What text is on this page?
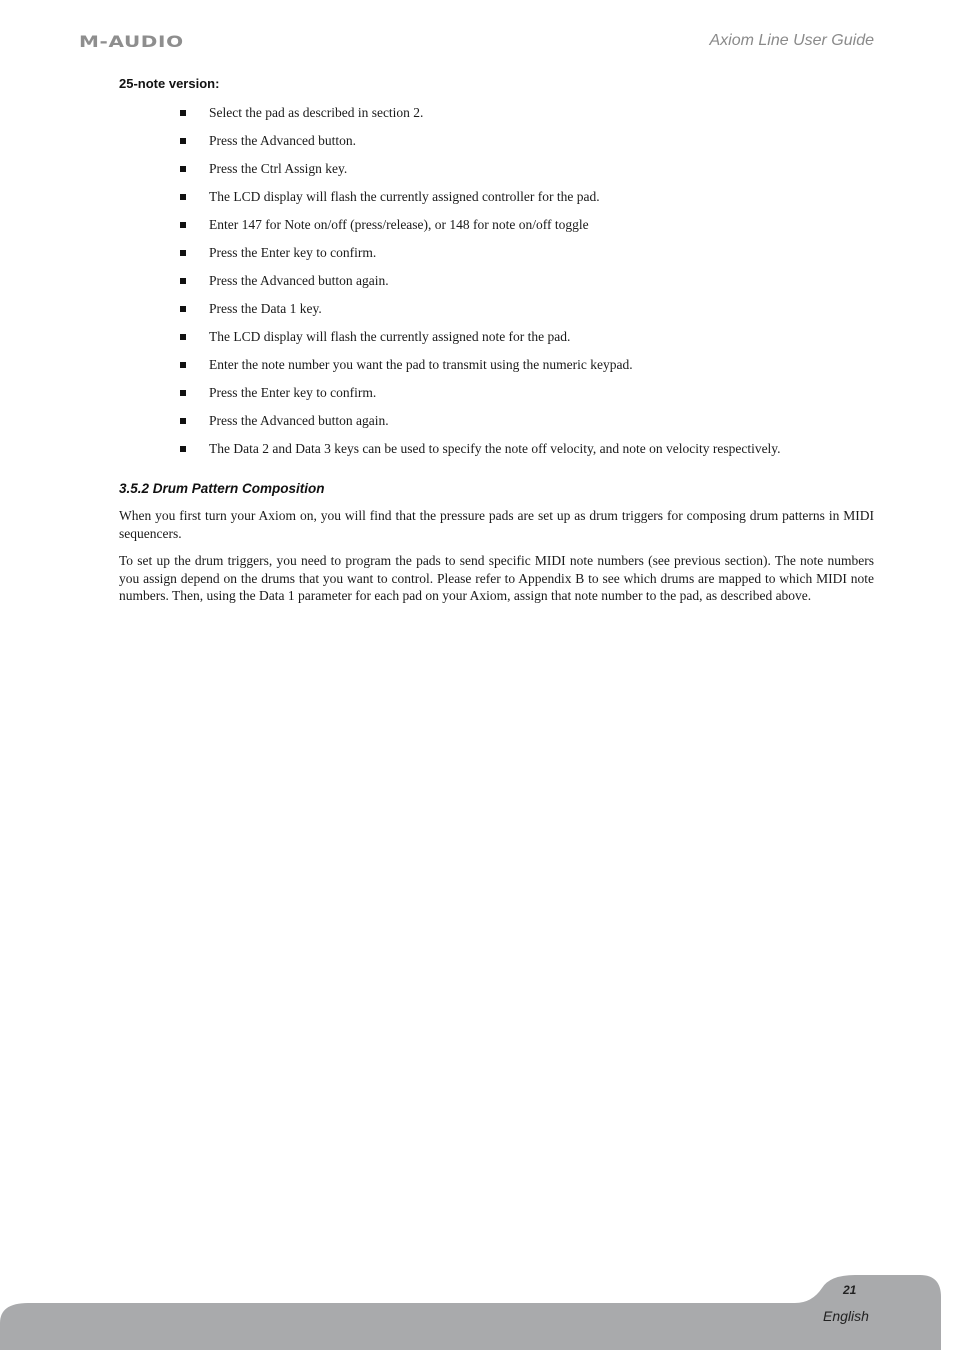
M-AUDIO	Axiom Line User Guide
25-note version:
Select the pad as described in section 2.
Press the Advanced button.
Press the Ctrl Assign key.
The LCD display will flash the currently assigned controller for the pad.
Enter 147 for Note on/off (press/release), or 148 for note on/off toggle
Press the Enter key to confirm.
Press the Advanced button again.
Press the Data 1 key.
The LCD display will flash the currently assigned note for the pad.
Enter the note number you want the pad to transmit using the numeric keypad.
Press the Enter key to confirm.
Press the Advanced button again.
The Data 2 and Data 3 keys can be used to specify the note off velocity, and note on velocity respectively.
3.5.2 Drum Pattern Composition

When you first turn your Axiom on, you will find that the pressure pads are set up as drum triggers for composing drum patterns in MIDI sequencers.

To set up the drum triggers, you need to program the pads to send specific MIDI note numbers (see previous section). The note numbers you assign depend on the drums that you want to control. Please refer to Appendix B to see which drums are mapped to which MIDI note numbers. Then, using the Data 1 parameter for each pad on your Axiom, assign that note number to the pad, as described above.

21
English
